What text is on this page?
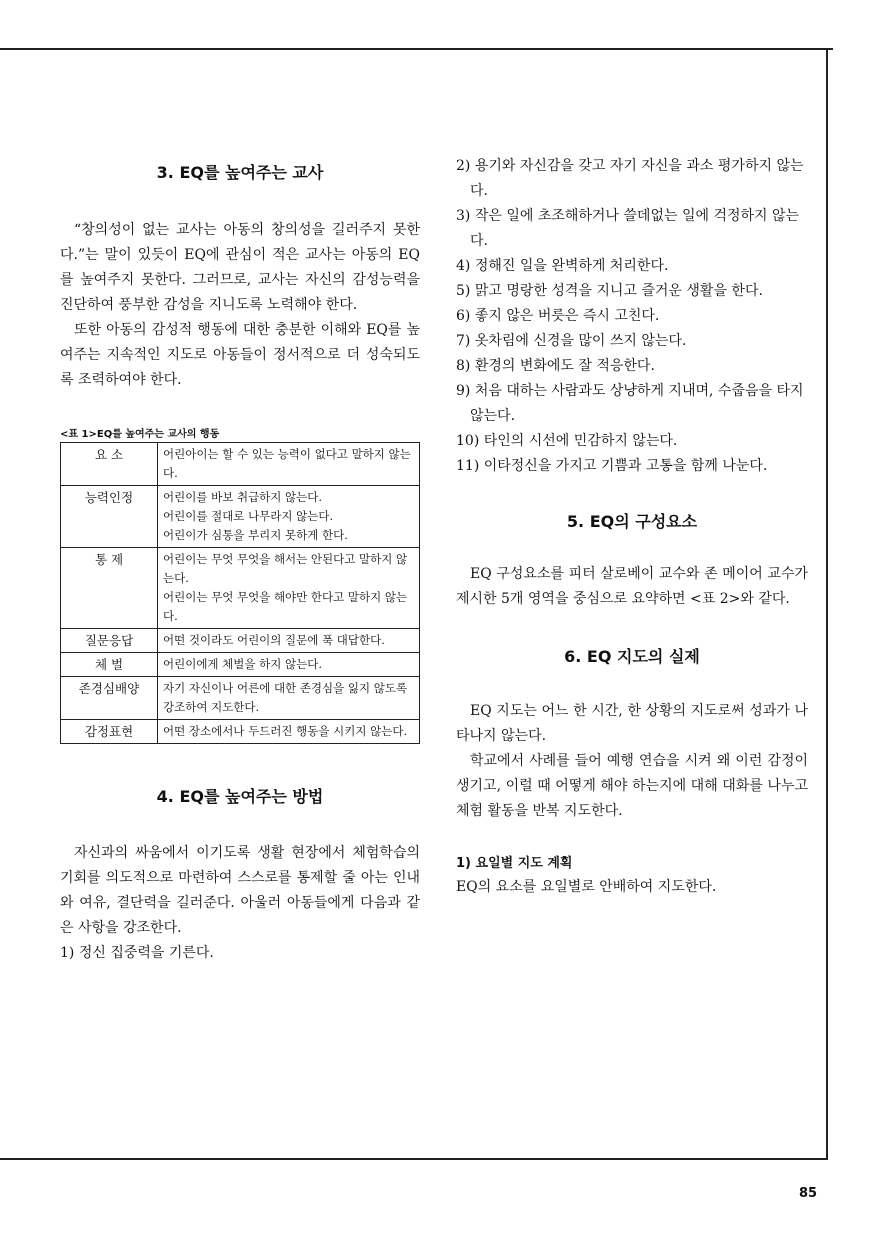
3. EQ를 높여주는 교사

“창의성이 없는 교사는 아동의 창의성을 길러주지 못한다.”는 말이 있듯이 EQ에 관심이 적은 교사는 아동의 EQ를 높여주지 못한다. 그러므로, 교사는 자신의 감성능력을 진단하여 풍부한 감성을 지니도록 노력해야 한다.

또한 아동의 감성적 행동에 대한 충분한 이해와 EQ를 높여주는 지속적인 지도로 아동들이 정서적으로 더 성숙되도록 조력하여야 한다.

<표 1>EQ를 높여주는 교사의 행동

요 소	어린아이는 할 수 있는 능력이 없다고 말하지 않는다.

능력인정	어린이를 바보 취급하지 않는다.
어린이를 절대로 나무라지 않는다.
어린이가 심통을 부리지 못하게 한다.

통 제	어린이는 무엇 무엇을 해서는 안된다고 말하지 않는다.
어린이는 무엇 무엇을 해야만 한다고 말하지 않는다.

질문응답	어떤 것이라도 어린이의 질문에 푹 대답한다.

체 벌	어린이에게 체벌을 하지 않는다.

존경심배양	자기 자신이나 어른에 대한 존경심을 잃지 않도록 강조하여 지도한다.

감정표현	어떤 장소에서나 두드러진 행동을 시키지 않는다.
4. EQ를 높여주는 방법

자신과의 싸움에서 이기도록 생활 현장에서 체험학습의 기회를 의도적으로 마련하여 스스로를 통제할 줄 아는 인내와 여유, 결단력을 길러준다. 아울러 아동들에게 다음과 같은 사항을 강조한다.

1) 정신 집중력을 기른다.

2) 용기와 자신감을 갖고 자기 자신을 과소 평가하지 않는다.
3) 작은 일에 초조해하거나 쓸데없는 일에 걱정하지 않는다.
4) 정해진 일을 완벽하게 처리한다.
5) 맑고 명랑한 성격을 지니고 즐거운 생활을 한다.
6) 좋지 않은 버릇은 즉시 고친다.
7) 옷차림에 신경을 많이 쓰지 않는다.
8) 환경의 변화에도 잘 적응한다.
9) 처음 대하는 사람과도 상냥하게 지내며, 수줍음을 타지 않는다.
10) 타인의 시선에 민감하지 않는다.
11) 이타정신을 가지고 기쁨과 고통을 함께 나눈다.
5. EQ의 구성요소

EQ 구성요소를 피터 살로베이 교수와 존 메이어 교수가 제시한 5개 영역을 중심으로 요약하면 <표 2>와 같다.

6. EQ 지도의 실제

EQ 지도는 어느 한 시간, 한 상황의 지도로써 성과가 나타나지 않는다.

학교에서 사례를 들어 예행 연습을 시켜 왜 이런 감정이 생기고, 이럴 때 어떻게 해야 하는지에 대해 대화를 나누고 체험 활동을 반복 지도한다.

1) 요일별 지도 계획

EQ의 요소를 요일별로 안배하여 지도한다.

85
